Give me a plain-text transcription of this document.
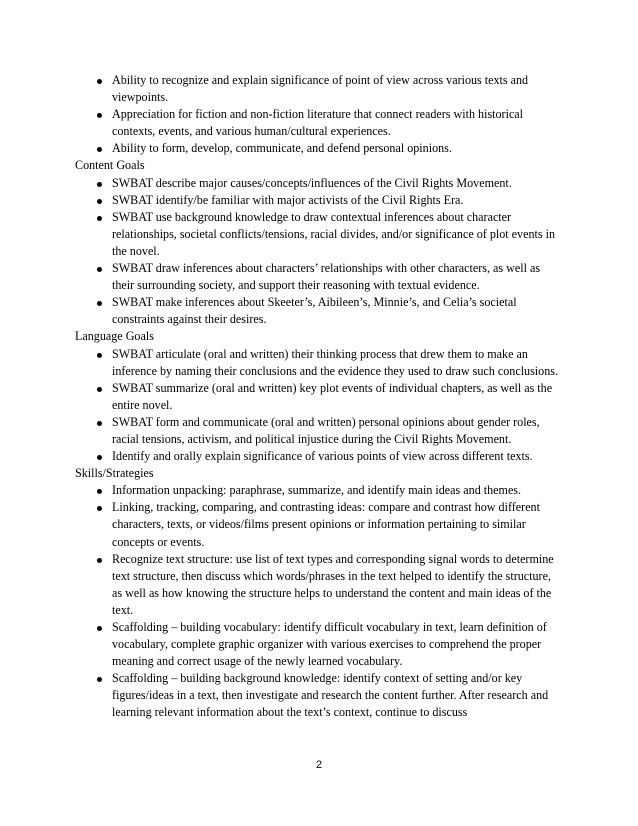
Ability to recognize and explain significance of point of view across various texts and viewpoints.
Appreciation for fiction and non-fiction literature that connect readers with historical contexts, events, and various human/cultural experiences.
Ability to form, develop, communicate, and defend personal opinions.
Content Goals
SWBAT describe major causes/concepts/influences of the Civil Rights Movement.
SWBAT identify/be familiar with major activists of the Civil Rights Era.
SWBAT use background knowledge to draw contextual inferences about character relationships, societal conflicts/tensions, racial divides, and/or significance of plot events in the novel.
SWBAT draw inferences about characters’ relationships with other characters, as well as their surrounding society, and support their reasoning with textual evidence.
SWBAT make inferences about Skeeter’s, Aibileen’s, Minnie’s, and Celia’s societal constraints against their desires.
Language Goals
SWBAT articulate (oral and written) their thinking process that drew them to make an inference by naming their conclusions and the evidence they used to draw such conclusions.
SWBAT summarize (oral and written) key plot events of individual chapters, as well as the entire novel.
SWBAT form and communicate (oral and written) personal opinions about gender roles, racial tensions, activism, and political injustice during the Civil Rights Movement.
Identify and orally explain significance of various points of view across different texts.
Skills/Strategies
Information unpacking: paraphrase, summarize, and identify main ideas and themes.
Linking, tracking, comparing, and contrasting ideas: compare and contrast how different characters, texts, or videos/films present opinions or information pertaining to similar concepts or events.
Recognize text structure: use list of text types and corresponding signal words to determine text structure, then discuss which words/phrases in the text helped to identify the structure, as well as how knowing the structure helps to understand the content and main ideas of the text.
Scaffolding – building vocabulary: identify difficult vocabulary in text, learn definition of vocabulary, complete graphic organizer with various exercises to comprehend the proper meaning and correct usage of the newly learned vocabulary.
Scaffolding – building background knowledge: identify context of setting and/or key figures/ideas in a text, then investigate and research the content further. After research and learning relevant information about the text’s context, continue to discuss
2
